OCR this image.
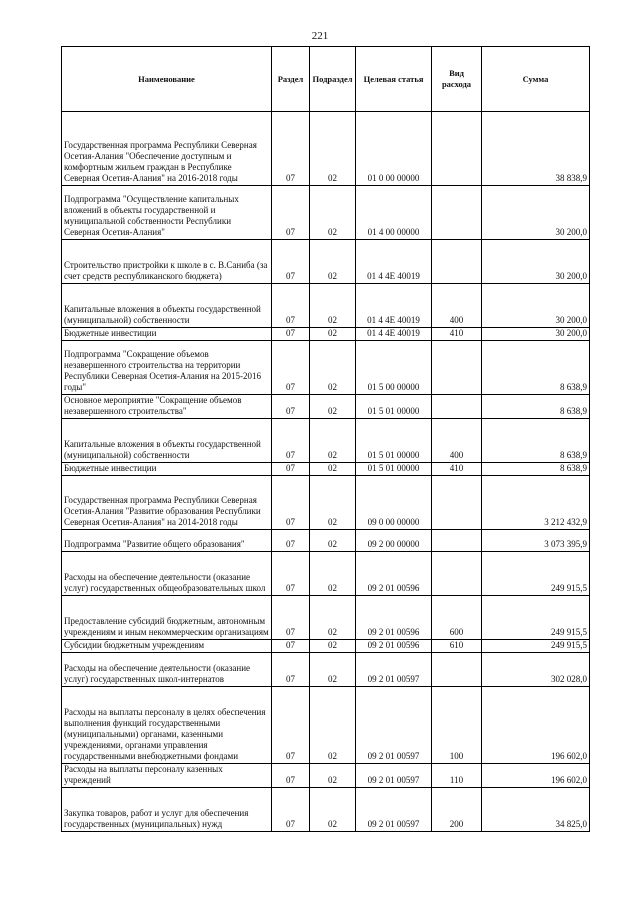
221
Наименование	Раздел	Подраздел	Целевая статья	Вид расхода	Сумма
Государственная программа Республики Северная Осетия-Алания "Обеспечение доступным и комфортным жильем граждан в Республике Северная Осетия-Алания" на 2016-2018 годы	07	02	01 0 00 00000		38 838,9
Подпрограмма "Осуществление капитальных вложений в объекты государственной и муниципальной собственности Республики Северная Осетия-Алания"	07	02	01 4 00 00000		30 200,0
Строительство пристройки к школе в с. В.Саниба (за счет средств республиканского бюджета)	07	02	01 4 4Е 40019		30 200,0
Капитальные вложения в объекты государственной (муниципальной) собственности	07	02	01 4 4Е 40019	400	30 200,0
Бюджетные инвестиции	07	02	01 4 4Е 40019	410	30 200,0
Подпрограмма "Сокращение объемов незавершенного строительства на территории Республики Северная Осетия-Алания на 2015-2016 годы"	07	02	01 5 00 00000		8 638,9
Основное мероприятие "Сокращение объемов незавершенного строительства"	07	02	01 5 01 00000		8 638,9
Капитальные вложения в объекты государственной (муниципальной) собственности	07	02	01 5 01 00000	400	8 638,9
Бюджетные инвестиции	07	02	01 5 01 00000	410	8 638,9
Государственная программа Республики Северная Осетия-Алания "Развитие образования Республики Северная Осетия-Алания" на 2014-2018 годы	07	02	09 0 00 00000		3 212 432,9
Подпрограмма "Развитие общего образования"	07	02	09 2 00 00000		3 073 395,9
Расходы на обеспечение деятельности (оказание услуг) государственных общеобразовательных школ	07	02	09 2 01 00596		249 915,5
Предоставление субсидий бюджетным, автономным учреждениям и иным некоммерческим организациям	07	02	09 2 01 00596	600	249 915,5
Субсидии бюджетным учреждениям	07	02	09 2 01 00596	610	249 915,5
Расходы на обеспечение деятельности (оказание услуг) государственных школ-интернатов	07	02	09 2 01 00597		302 028,0
Расходы на выплаты персоналу в целях обеспечения выполнения функций государственными (муниципальными) органами, казенными учреждениями, органами управления государственными внебюджетными фондами	07	02	09 2 01 00597	100	196 602,0
Расходы на выплаты персоналу казенных учреждений	07	02	09 2 01 00597	110	196 602,0
Закупка товаров, работ и услуг для обеспечения государственных (муниципальных) нужд	07	02	09 2 01 00597	200	34 825,0
